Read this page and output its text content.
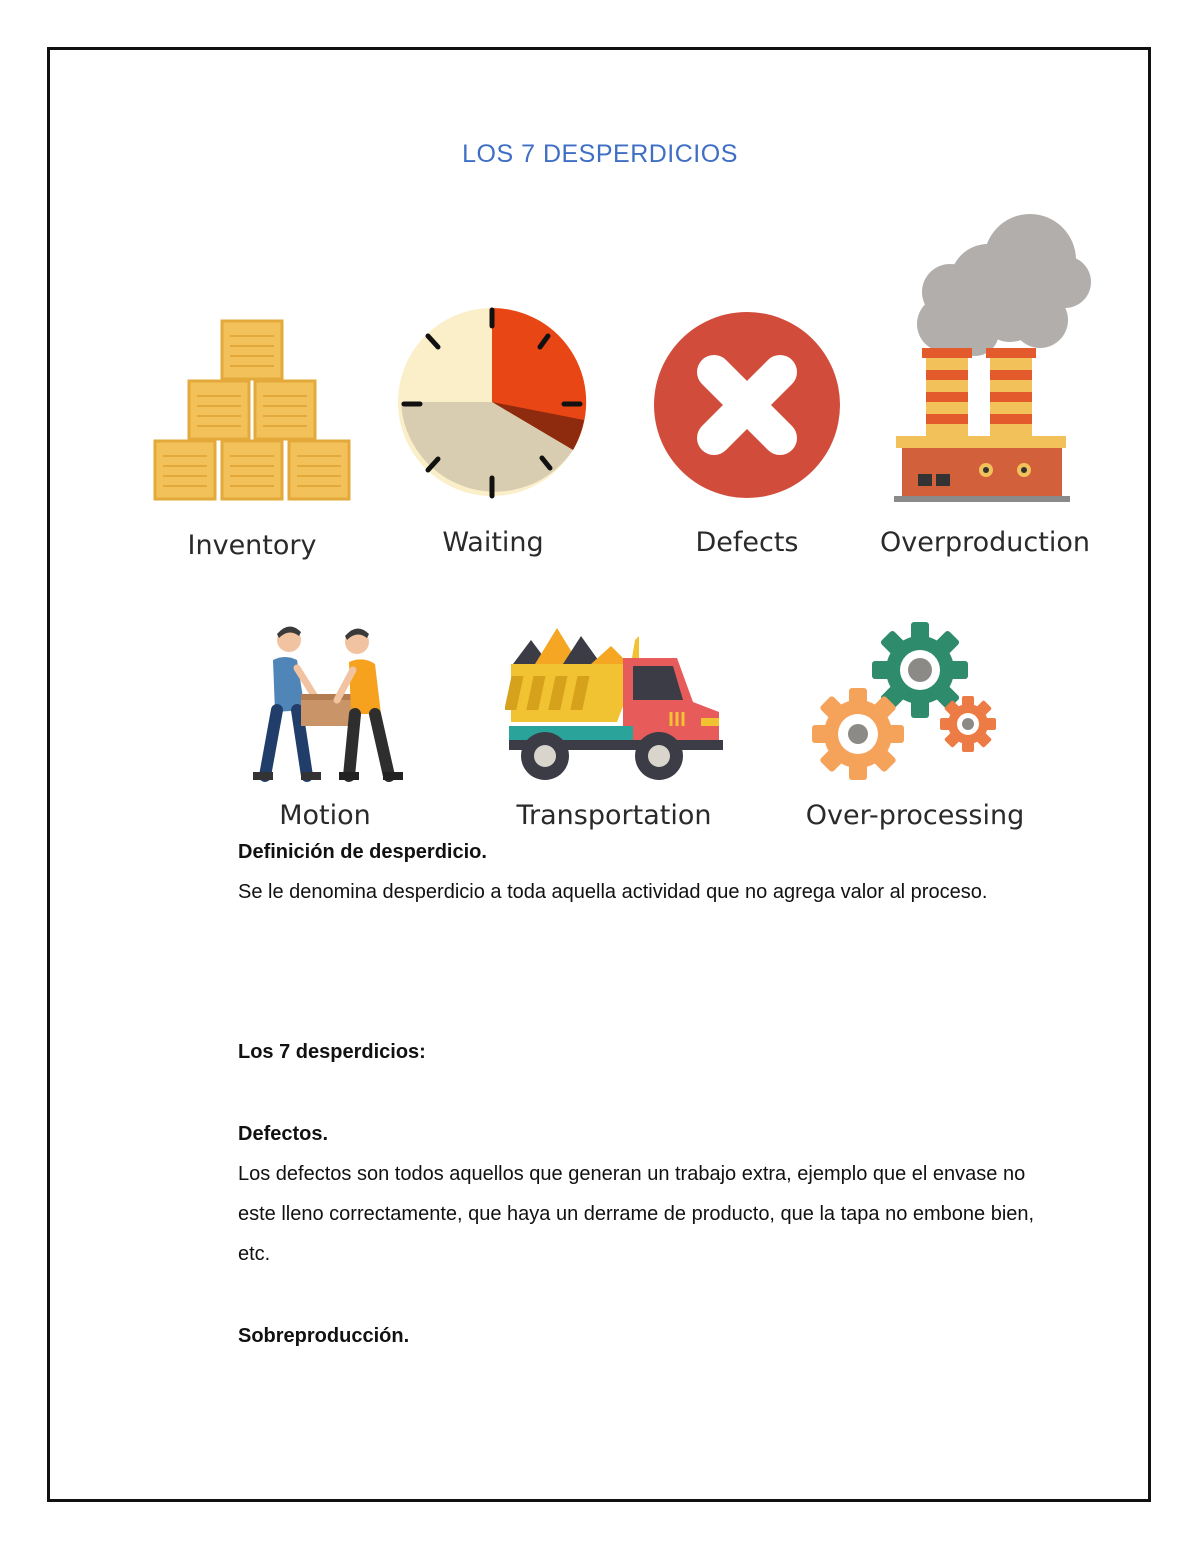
LOS 7 DESPERDICIOS
Inventory	Waiting	Defects	Overproduction
Motion	Transportation	Over-processing
Definición de desperdicio.
Se le denomina desperdicio a toda aquella actividad que no agrega valor al proceso.
Los 7 desperdicios:
Defectos.
Los defectos son todos aquellos que generan un trabajo extra, ejemplo que el envase no este lleno correctamente, que haya un derrame de producto, que la tapa no embone bien, etc.
Sobreproducción.
